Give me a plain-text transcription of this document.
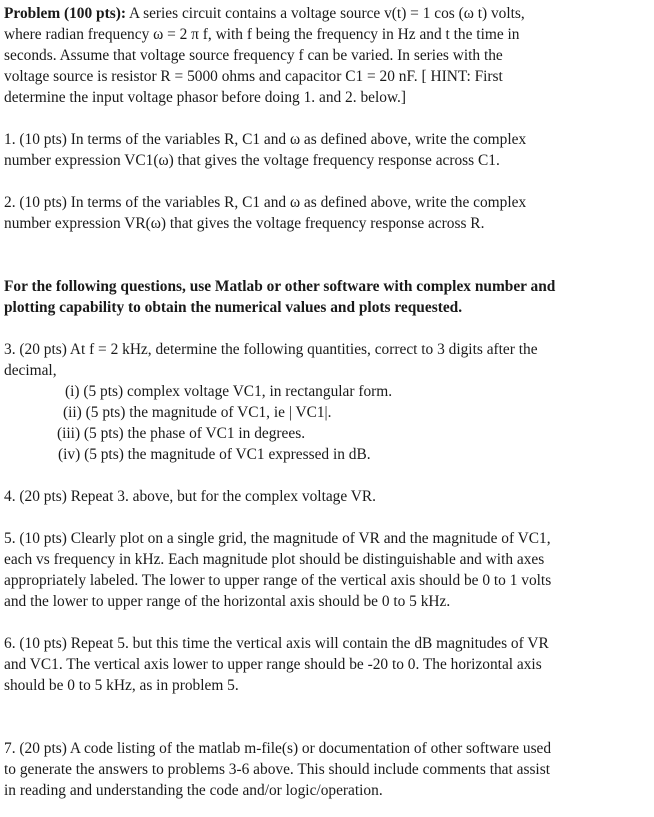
Problem (100 pts): A series circuit contains a voltage source v(t) = 1 cos (ω t) volts,

where radian frequency ω = 2 π f, with f being the frequency in Hz and t the time in

seconds. Assume that voltage source frequency f can be varied. In series with the

voltage source is resistor R = 5000 ohms and capacitor C1 = 20 nF. [ HINT: First

determine the input voltage phasor before doing 1. and 2. below.]

1. (10 pts) In terms of the variables R, C1 and ω as defined above, write the complex

number expression VC1(ω) that gives the voltage frequency response across C1.

2. (10 pts) In terms of the variables R, C1 and ω as defined above, write the complex

number expression VR(ω) that gives the voltage frequency response across R.

For the following questions, use Matlab or other software with complex number and

plotting capability to obtain the numerical values and plots requested.

3. (20 pts) At f = 2 kHz, determine the following quantities, correct to 3 digits after the

decimal,

(i) (5 pts) complex voltage VC1, in rectangular form.
(ii) (5 pts) the magnitude of VC1, ie | VC1|.
(iii) (5 pts) the phase of VC1 in degrees.
(iv) (5 pts) the magnitude of VC1 expressed in dB.

4. (20 pts) Repeat 3. above, but for the complex voltage VR.

5. (10 pts) Clearly plot on a single grid, the magnitude of VR and the magnitude of VC1,

each vs frequency in kHz. Each magnitude plot should be distinguishable and with axes

appropriately labeled. The lower to upper range of the vertical axis should be 0 to 1 volts

and the lower to upper range of the horizontal axis should be 0 to 5 kHz.

6. (10 pts) Repeat 5. but this time the vertical axis will contain the dB magnitudes of VR

and VC1. The vertical axis lower to upper range should be -20 to 0. The horizontal axis

should be 0 to 5 kHz, as in problem 5.

7. (20 pts) A code listing of the matlab m-file(s) or documentation of other software used

to generate the answers to problems 3-6 above. This should include comments that assist

in reading and understanding the code and/or logic/operation.
